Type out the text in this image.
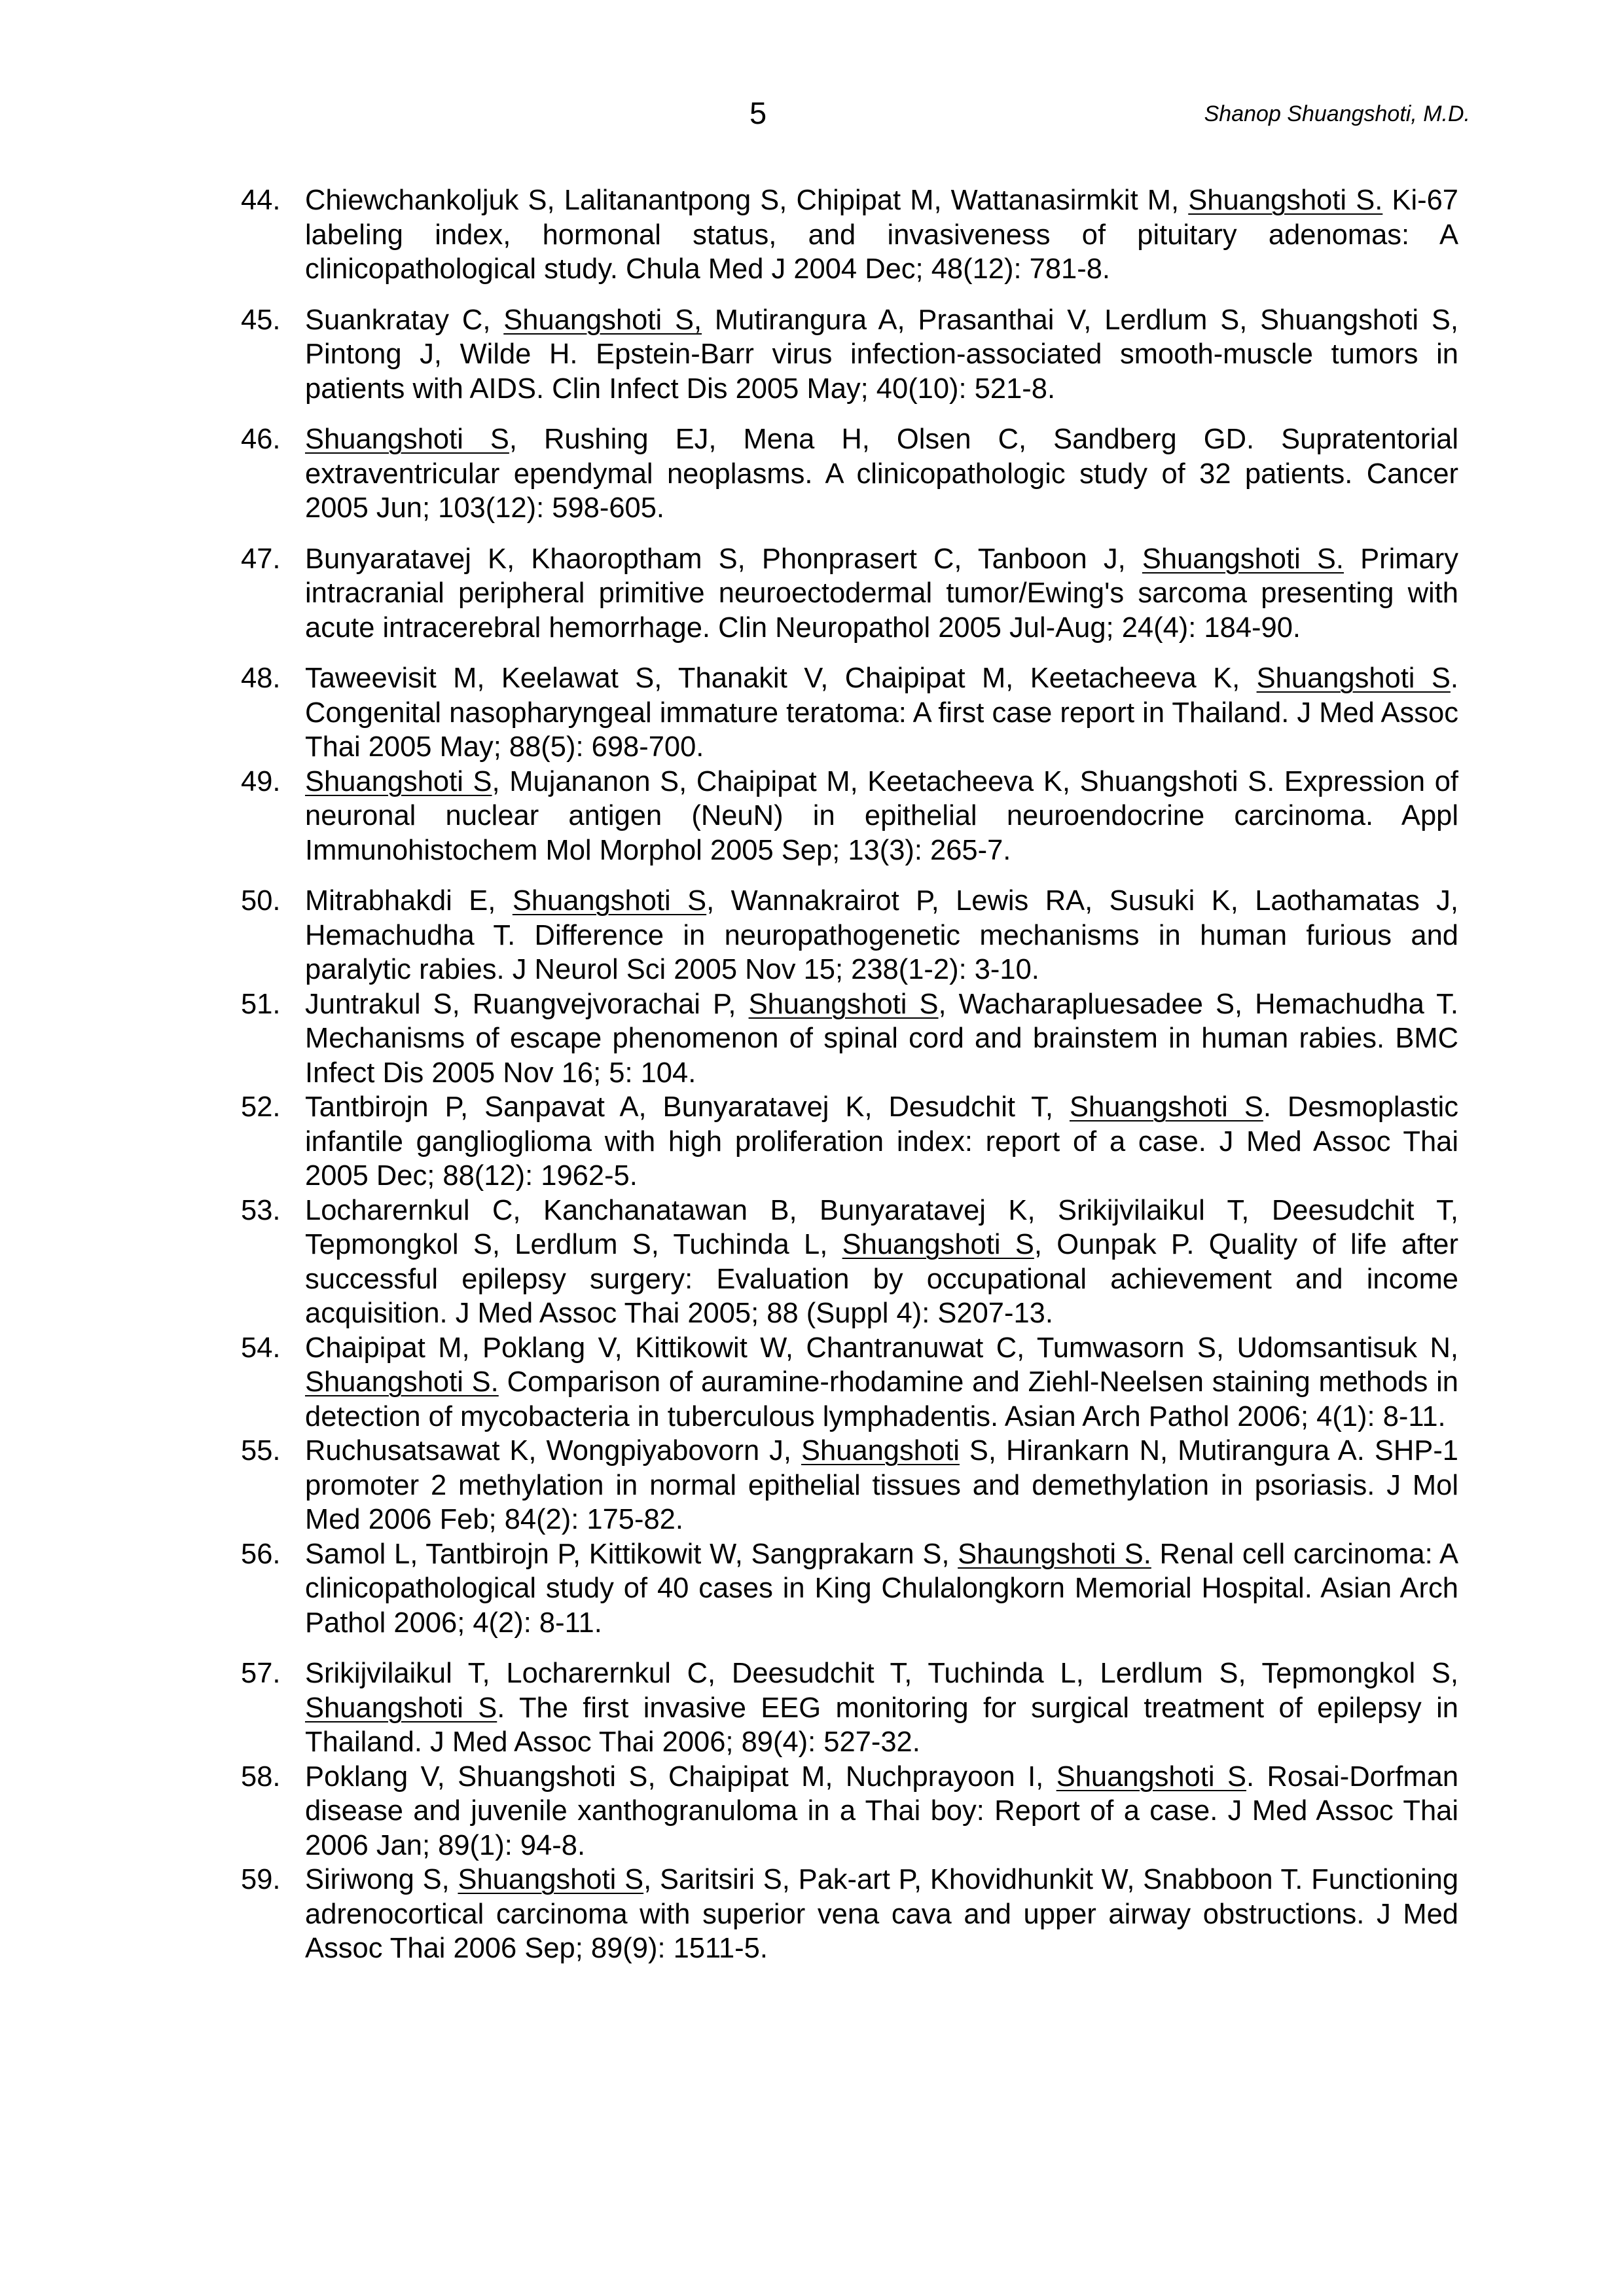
5	Shanop Shuangshoti, M.D.
44. Chiewchankoljuk S, Lalitanantpong S, Chipipat M, Wattanasirmkit M, Shuangshoti S. Ki-67 labeling index, hormonal status, and invasiveness of pituitary adenomas: A clinicopathological study. Chula Med J 2004 Dec; 48(12): 781-8.
45. Suankratay C, Shuangshoti S, Mutirangura A, Prasanthai V, Lerdlum S, Shuangshoti S, Pintong J, Wilde H. Epstein-Barr virus infection-associated smooth-muscle tumors in patients with AIDS. Clin Infect Dis 2005 May; 40(10): 521-8.
46. Shuangshoti S, Rushing EJ, Mena H, Olsen C, Sandberg GD. Supratentorial extraventricular ependymal neoplasms. A clinicopathologic study of 32 patients. Cancer 2005 Jun; 103(12): 598-605.
47. Bunyaratavej K, Khaoroptham S, Phonprasert C, Tanboon J, Shuangshoti S. Primary intracranial peripheral primitive neuroectodermal tumor/Ewing's sarcoma presenting with acute intracerebral hemorrhage. Clin Neuropathol 2005 Jul-Aug; 24(4): 184-90.
48. Taweevisit M, Keelawat S, Thanakit V, Chaipipat M, Keetacheeva K, Shuangshoti S. Congenital nasopharyngeal immature teratoma: A first case report in Thailand. J Med Assoc Thai 2005 May; 88(5): 698-700.
49. Shuangshoti S, Mujananon S, Chaipipat M, Keetacheeva K, Shuangshoti S. Expression of neuronal nuclear antigen (NeuN) in epithelial neuroendocrine carcinoma. Appl Immunohistochem Mol Morphol 2005 Sep; 13(3): 265-7.
50. Mitrabhakdi E, Shuangshoti S, Wannakrairot P, Lewis RA, Susuki K, Laothamatas J, Hemachudha T. Difference in neuropathogenetic mechanisms in human furious and paralytic rabies. J Neurol Sci 2005 Nov 15; 238(1-2): 3-10.
51. Juntrakul S, Ruangvejvorachai P, Shuangshoti S, Wacharapluesadee S, Hemachudha T. Mechanisms of escape phenomenon of spinal cord and brainstem in human rabies. BMC Infect Dis 2005 Nov 16; 5: 104.
52. Tantbirojn P, Sanpavat A, Bunyaratavej K, Desudchit T, Shuangshoti S. Desmoplastic infantile ganglioglioma with high proliferation index: report of a case. J Med Assoc Thai 2005 Dec; 88(12): 1962-5.
53. Locharernkul C, Kanchanatawan B, Bunyaratavej K, Srikijvilaikul T, Deesudchit T, Tepmongkol S, Lerdlum S, Tuchinda L, Shuangshoti S, Ounpak P. Quality of life after successful epilepsy surgery: Evaluation by occupational achievement and income acquisition. J Med Assoc Thai 2005; 88 (Suppl 4): S207-13.
54. Chaipipat M, Poklang V, Kittikowit W, Chantranuwat C, Tumwasorn S, Udomsantisuk N, Shuangshoti S. Comparison of auramine-rhodamine and Ziehl-Neelsen staining methods in detection of mycobacteria in tuberculous lymphadentis. Asian Arch Pathol 2006; 4(1): 8-11.
55. Ruchusatsawat K, Wongpiyabovorn J, Shuangshoti S, Hirankarn N, Mutirangura A. SHP-1 promoter 2 methylation in normal epithelial tissues and demethylation in psoriasis. J Mol Med 2006 Feb; 84(2): 175-82.
56. Samol L, Tantbirojn P, Kittikowit W, Sangprakarn S, Shaungshoti S. Renal cell carcinoma: A clinicopathological study of 40 cases in King Chulalongkorn Memorial Hospital. Asian Arch Pathol 2006; 4(2): 8-11.
57. Srikijvilaikul T, Locharernkul C, Deesudchit T, Tuchinda L, Lerdlum S, Tepmongkol S, Shuangshoti S. The first invasive EEG monitoring for surgical treatment of epilepsy in Thailand. J Med Assoc Thai 2006; 89(4): 527-32.
58. Poklang V, Shuangshoti S, Chaipipat M, Nuchprayoon I, Shuangshoti S. Rosai-Dorfman disease and juvenile xanthogranuloma in a Thai boy: Report of a case. J Med Assoc Thai 2006 Jan; 89(1): 94-8.
59. Siriwong S, Shuangshoti S, Saritsiri S, Pak-art P, Khovidhunkit W, Snabboon T. Functioning adrenocortical carcinoma with superior vena cava and upper airway obstructions. J Med Assoc Thai 2006 Sep; 89(9): 1511-5.
